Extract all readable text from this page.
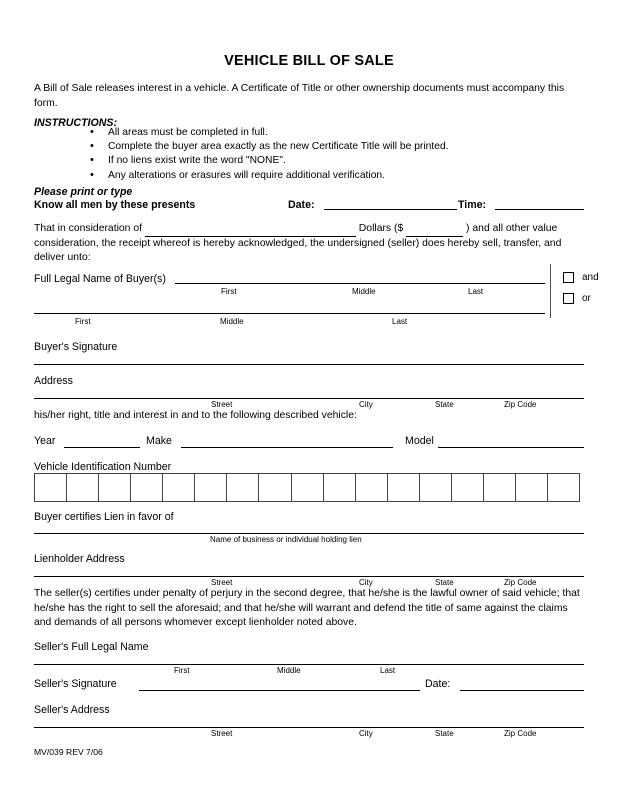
VEHICLE BILL OF SALE
A Bill of Sale releases interest in a vehicle. A Certificate of Title or other ownership documents must accompany this form.
INSTRUCTIONS:
• All areas must be completed in full.
• Complete the buyer area exactly as the new Certificate Title will be printed.
• If no liens exist write the word "NONE".
• Any alterations or erasures will require additional verification.
Please print or type
Know all men by these presents	Date:	Time:
That in consideration of	Dollars ($	) and all other value consideration, the receipt whereof is hereby acknowledged, the undersigned (seller) does hereby sell, transfer, and deliver unto:
Full Legal Name of Buyer(s)
First	Middle	Last
First	Middle	Last
and
or
Buyer's Signature
Address
Street	City	State	Zip Code
his/her right, title and interest in and to the following described vehicle:
Year	Make	Model
Vehicle Identification Number
Buyer certifies Lien in favor of
Name of business or individual holding lien
Lienholder Address
Street	City	State	Zip Code
The seller(s) certifies under penalty of perjury in the second degree, that he/she is the lawful owner of said vehicle; that he/she has the right to sell the aforesaid; and that he/she will warrant and defend the title of same against the claims and demands of all persons whomever except lienholder noted above.
Seller's Full Legal Name
First	Middle	Last
Seller's Signature	Date:
Seller's Address
Street	City	State	Zip Code
MV/039 REV 7/06
